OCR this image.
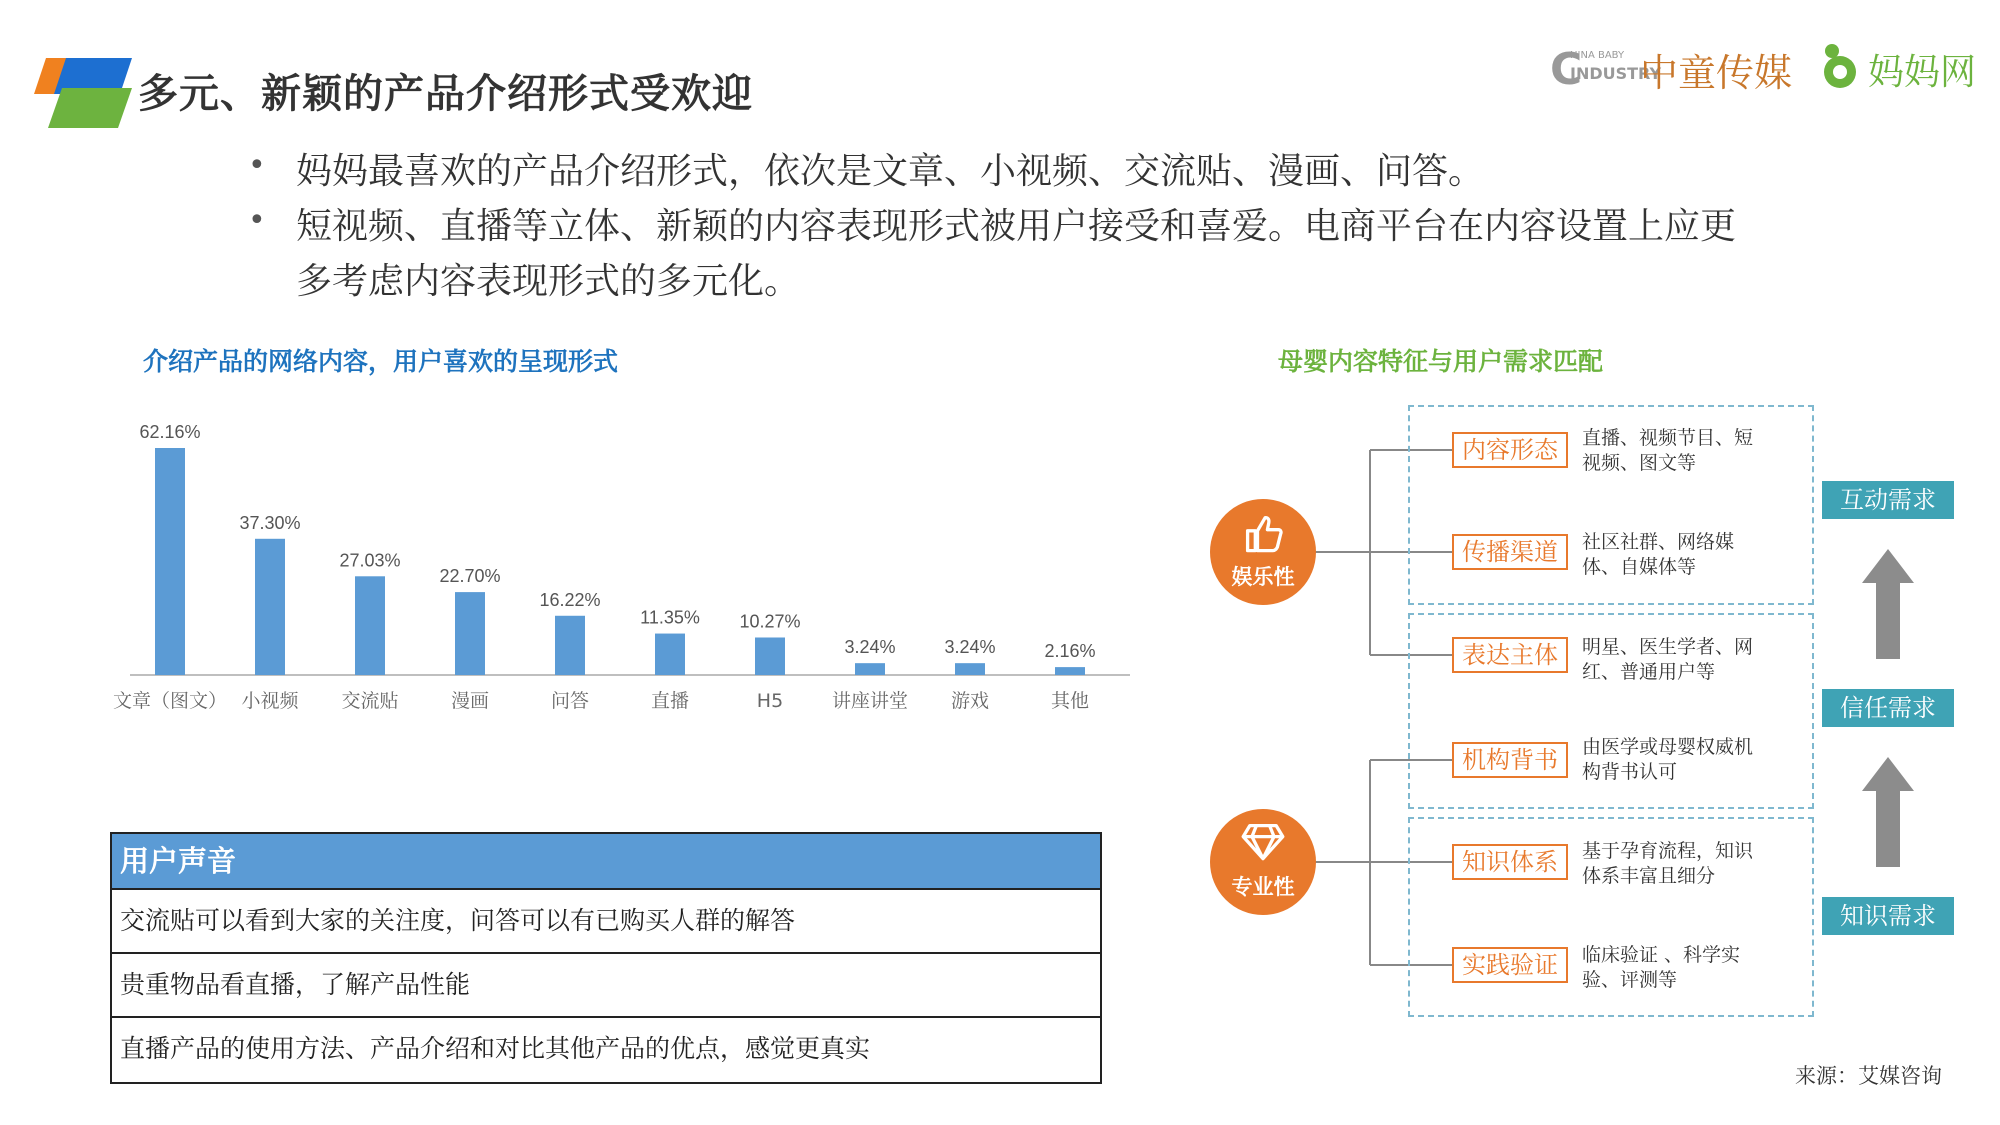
多元、新颖的产品介绍形式受欢迎	C
HINA BABY
INDUSTRY
中童传媒 妈妈网
• 妈妈最喜欢的产品介绍形式，依次是文章、小视频、交流贴、漫画、问答。
• 短视频、直播等立体、新颖的内容表现形式被用户接受和喜爱。电商平台在内容设置上应更
多考虑内容表现形式的多元化。
介绍产品的网络内容，用户喜欢的呈现形式
62.16%
文章（图文）
37.30%
小视频
27.03%
交流贴
22.70%
漫画
16.22%
问答
11.35%
直播
10.27%
H5
3.24%
讲座讲堂
3.24%
游戏
2.16%
其他
用户声音
交流贴可以看到大家的关注度，问答可以有已购买人群的解答
贵重物品看直播，了解产品性能
直播产品的使用方法、产品介绍和对比其他产品的优点，感觉更真实
母婴内容特征与用户需求匹配
娱乐性
专业性
内容形态
传播渠道
表达主体
机构背书
知识体系
实践验证
直播、视频节目、短
视频、图文等
社区社群、网络媒
体、自媒体等
明星、医生学者、网
红、普通用户等
由医学或母婴权威机
构背书认可
基于孕育流程，知识
体系丰富且细分
临床验证 、科学实
验、评测等
互动需求
信任需求
知识需求
来源：艾媒咨询
